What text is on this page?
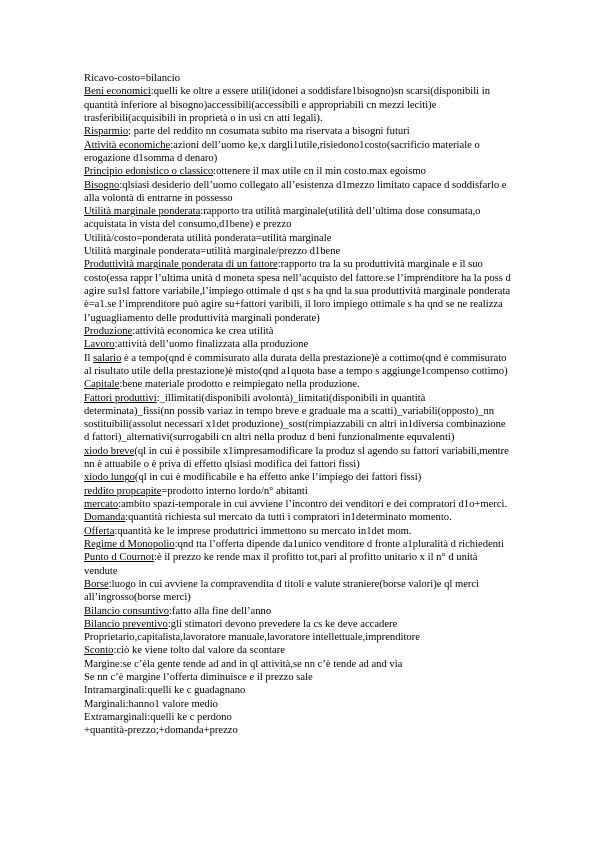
Ricavo-costo=bilancio
Beni economici:quelli ke oltre a essere utili(idonei a soddisfare1bisogno)sn scarsi(disponibili in
quantità inferiore al bisogno)accessibili(accessibili e appropriabili cn mezzi leciti)e
trasferibili(acquisibili in proprietà o in usi cn atti legali).
Risparmio: parte del reddito nn cosumata subito ma riservata a bisogni futuri
Attività economiche:azioni dell’uomo ke,x dargli1utile,risiedono1costo(sacrificio materiale o
erogazione d1somma d denaro)
Principio edonistico o classico:ottenere il max utile cn il min costo.max egoismo
Bisogno:qlsiasi desiderio dell’uomo collegato all’esistenza d1mezzo limitato capace d soddisfarlo e
alla volontà di entrarne in possesso
Utilità marginale ponderata:rapporto tra utilità marginale(utilità dell’ultima dose consumata,o
acquistata in vista del consumo,d1bene) e prezzo
Utilità/costo=ponderata utilità ponderata=utilità marginale
Utilità marginale ponderata=utilità marginale/prezzo d1bene
Produttività marginale ponderata di un fattore:rapporto tra la su produttività marginale e il suo
costo(essa rappr l’ultima unità d moneta spesa nell’acquisto del fattore.se l’imprenditore ha la poss d
agire su1sl fattore variabile,l’impiego ottimale d qst s ha qnd la sua produttività marginale ponderata
è=a1.se l’imprenditore può agire su+fattori varibili, il loro impiego ottimale s ha qnd se ne realizza
l’uguagliamento delle produttività marginali ponderate)
Produzione:attività economica ke crea utilità
Lavoro:attività dell’uomo finalizzata alla produzione
Il salario è a tempo(qnd è commisurato alla durata della prestazione)è a cottimo(qnd è commisurato
al risultato utile della prestazione)è misto(qnd a1quota base a tempo s aggiunge1compenso cottimo)
Capitale:bene materiale prodotto e reimpiegato nella produzione.
Fattori produttivi:_illimitati(disponibili avolontà)_limitati(disponibili in quantità
determinata)_fissi(nn possib variaz in tempo breve e graduale ma a scatti)_variabili(opposto)_nn
sostituibili(assolut necessari x1det produzione)_sost(rimpiazzabili cn altri in1diversa combinazione
d fattori)_alternativi(surrogabili cn altri nella produz d beni funzionalmente equvalenti)
xiodo breve(ql in cui è possibile x1impresamodificare la produz sl agendo su fattori variabili,mentre
nn è attuabile o è priva di effetto qlsiasi modifica dei fattori fissi)
xiodo lungo(ql in cui è modificabile e ha effetto anke l’impiego dei fattori fissi)
reddito propcapite=prodotto interno lordo/n° abitanti
mercato:ambito spazi-temporale in cui avviene l’incontro dei venditori e dei compratori d1o+merci.
Domanda:quantità richiesta sul mercato da tutti i compratori in1determinato momento.
Offerta:quantità ke le imprese produttrici immettono su mercato in1det mom.
Regime d Monopolio:qnd tta l’offerta dipende da1unico venditore d fronte a1pluralità d richiedenti
Punto d Cournot:è il prezzo ke rende max il profitto tot,pari al profitto unitario x il n° d unità
vendute
Borse:luogo in cui avviene la compravendita d titoli e valute straniere(borse valori)e ql merci
all’ingrosso(borse merci)
Bilancio consuntivo:fatto alla fine dell’anno
Bilancio preventivo:gli stimatori devono prevedere la cs ke deve accadere
Proprietario,capitalista,lavoratore manuale,lavoratore intellettuale,imprenditore
Sconto:ciò ke viene tolto dal valore da scontare
Margine:se c’èla gente tende ad and in ql attività,se nn c’è tende ad and via
Se nn c’è margine l’offerta diminuisce e il prezzo sale
Intramarginali:quelli ke c guadagnano
Marginali:hanno1 valore medio
Extramarginali:quelli ke c perdono
+quantità-prezzo;+domanda+prezzo
